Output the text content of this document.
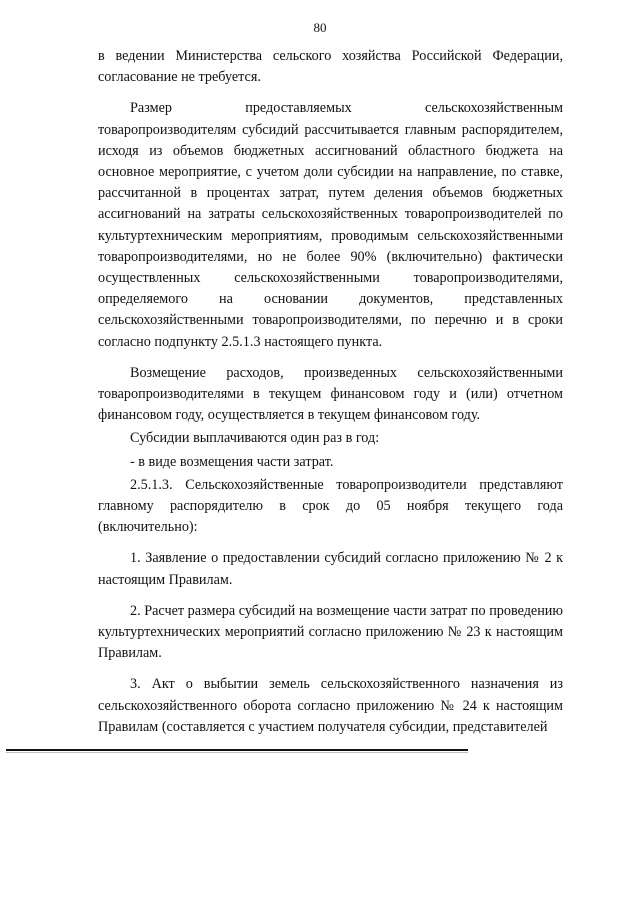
80

в ведении Министерства сельского хозяйства Российской Федерации, согласование не требуется.

Размер предоставляемых сельскохозяйственным товаропроизводителям субсидий рассчитывается главным распорядителем, исходя из объемов бюджетных ассигнований областного бюджета на основное мероприятие, с учетом доли субсидии на направление, по ставке, рассчитанной в процентах затрат, путем деления объемов бюджетных ассигнований на затраты сельскохозяйственных товаропроизводителей по культуртехническим мероприятиям, проводимым сельскохозяйственными товаропроизводителями, но не более 90% (включительно) фактически осуществленных сельскохозяйственными товаропроизводителями, определяемого на основании документов, представленных сельскохозяйственными товаропроизводителями, по перечню и в сроки согласно подпункту 2.5.1.3 настоящего пункта.

Возмещение расходов, произведенных сельскохозяйственными товаропроизводителями в текущем финансовом году и (или) отчетном финансовом году, осуществляется в текущем финансовом году.

Субсидии выплачиваются один раз в год:

- в виде возмещения части затрат.

2.5.1.3. Сельскохозяйственные товаропроизводители представляют главному распорядителю в срок до 05 ноября текущего года (включительно):

1. Заявление о предоставлении субсидий согласно приложению № 2 к настоящим Правилам.

2. Расчет размера субсидий на возмещение части затрат по проведению культуртехнических мероприятий согласно приложению № 23 к настоящим Правилам.

3. Акт о выбытии земель сельскохозяйственного назначения из сельскохозяйственного оборота согласно приложению № 24 к настоящим Правилам (составляется с участием получателя субсидии, представителей
